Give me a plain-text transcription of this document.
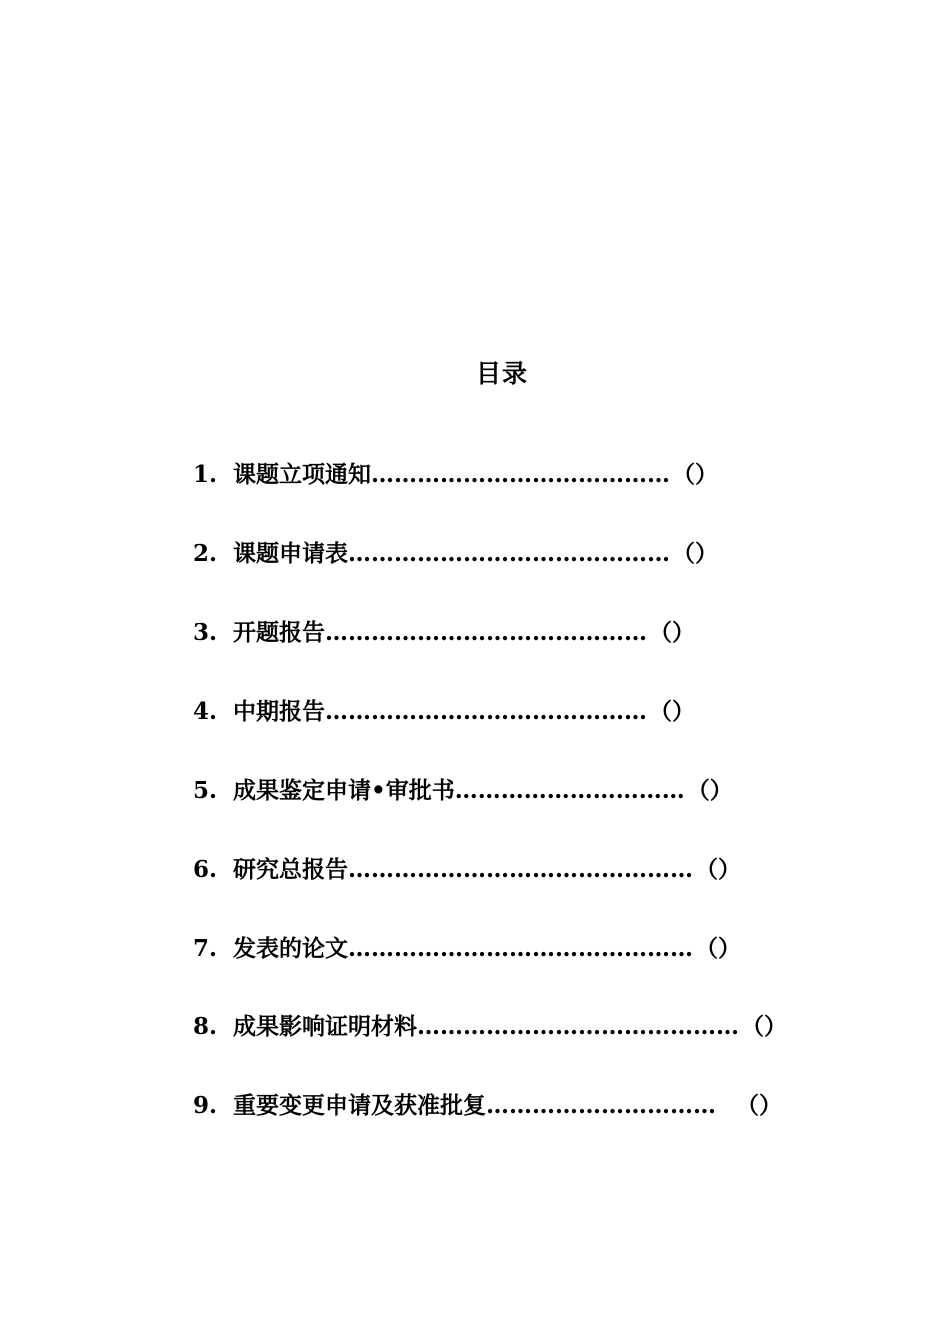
目录
1. 课题立项通知…………………………………（）
2. 课题申请表……………………………………（）
3. 开题报告……………………………………（）
4. 中期报告……………………………………（）
5. 成果鉴定申请•审批书…………………………（）
6. 研究总报告………………………………………（）
7. 发表的论文………………………………………（）
8. 成果影响证明材料……………………………………（）
9. 重要变更申请及获准批复………………………… （）
